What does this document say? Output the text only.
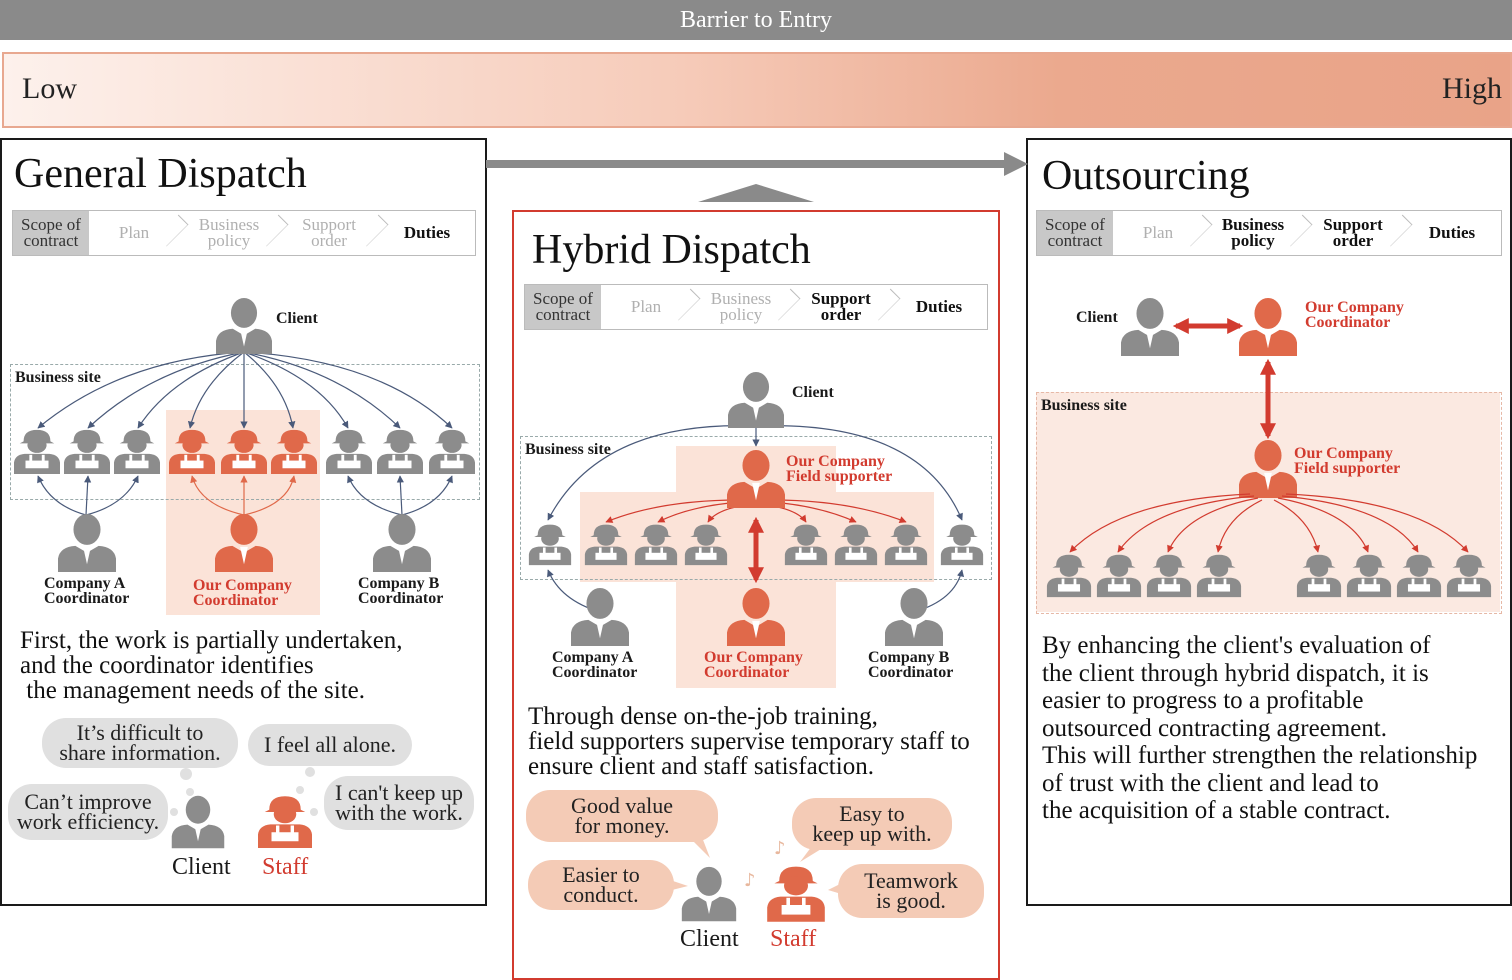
Barrier to Entry
Low	High
General Dispatch
Hybrid Dispatch
Outsourcing
Scope of
contract	Plan	Business
policy
Support
order	Duties
Scope of
contract	Plan	Business
policy
Support
order	Duties
Scope of
contract	Plan	Business
policy
Support
order	Duties
Business site
Business site
Business site
♪
♪
Client
Company A
Coordinator
Our Company
Coordinator
Company B
Coordinator
First, the work is partially undertaken,
and the coordinator identifies
the management needs of the site.
It’s difficult to
share information.	I feel all alone.
Can’t improve
work efficiency.
I can't keep up
with the work.
Client Staff
Client
Our Company
Field supporter
Company A
Coordinator
Our Company
Coordinator
Company B
Coordinator
Through dense on-the-job training,
field supporters supervise temporary staff to
ensure client and staff satisfaction.
Good value
for money.
Easier to
conduct.
Easy to
keep up with.
Teamwork
is good.
Client Staff
Client
Our Company
Coordinator
Our Company
Field supporter
By enhancing the client's evaluation of
the client through hybrid dispatch, it is
easier to progress to a profitable
outsourced contracting agreement.
This will further strengthen the relationship
of trust with the client and lead to
the acquisition of a stable contract.
